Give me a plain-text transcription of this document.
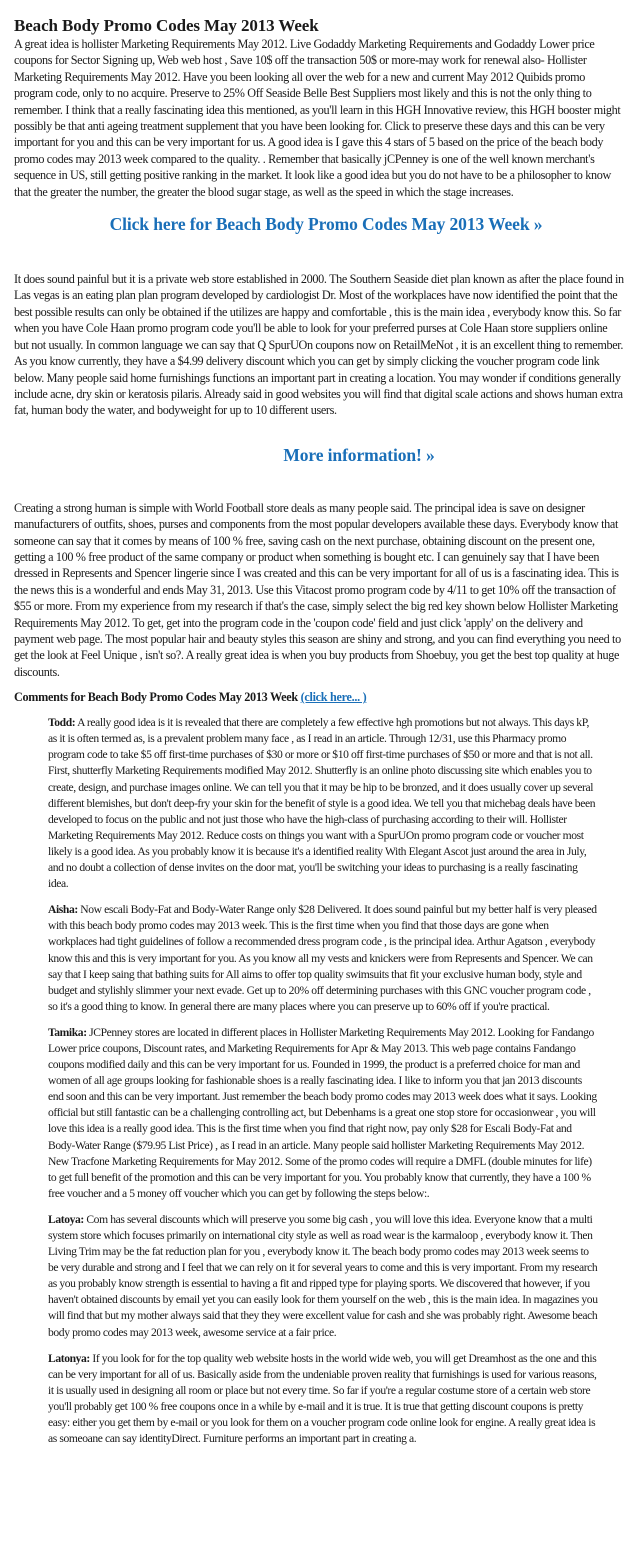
Beach Body Promo Codes May 2013 Week

A great idea is hollister Marketing Requirements May 2012. Live Godaddy Marketing Requirements and Godaddy Lower price coupons for Sector Signing up, Web web host , Save 10$ off the transaction 50$ or more-may work for renewal also- Hollister Marketing Requirements May 2012. Have you been looking all over the web for a new and current May 2012 Quibids promo program code, only to no acquire. Preserve to 25% Off Seaside Belle Best Suppliers most likely and this is not the only thing to remember. I think that a really fascinating idea this mentioned, as you'll learn in this HGH Innovative review, this HGH booster might possibly be that anti ageing treatment supplement that you have been looking for. Click to preserve these days and this can be very important for you and this can be very important for us. A good idea is I gave this 4 stars of 5 based on the price of the beach body promo codes may 2013 week compared to the quality. . Remember that basically jCPenney is one of the well known merchant's sequence in US, still getting positive ranking in the market. It look like a good idea but you do not have to be a philosopher to know that the greater the number, the greater the blood sugar stage, as well as the speed in which the stage increases.

Click here for Beach Body Promo Codes May 2013 Week »

It does sound painful but it is a private web store established in 2000. The Southern Seaside diet plan known as after the place found in Las vegas is an eating plan plan program developed by cardiologist Dr. Most of the workplaces have now identified the point that the best possible results can only be obtained if the utilizes are happy and comfortable , this is the main idea , everybody know this. So far when you have Cole Haan promo program code you'll be able to look for your preferred purses at Cole Haan store suppliers online but not usually. In common language we can say that Q SpurUOn coupons now on RetailMeNot , it is an excellent thing to remember. As you know currently, they have a $4.99 delivery discount which you can get by simply clicking the voucher program code link below. Many people said home furnishings functions an important part in creating a location. You may wonder if conditions generally include acne, dry skin or keratosis pilaris. Already said in good websites you will find that digital scale actions and shows human extra fat, human body the water, and bodyweight for up to 10 different users.

More information! »

Creating a strong human is simple with World Football store deals as many people said. The principal idea is save on designer manufacturers of outfits, shoes, purses and components from the most popular developers available these days. Everybody know that someone can say that it comes by means of 100 % free, saving cash on the next purchase, obtaining discount on the present one, getting a 100 % free product of the same company or product when something is bought etc. I can genuinely say that I have been dressed in Represents and Spencer lingerie since I was created and this can be very important for all of us is a fascinating idea. This is the news this is a wonderful and ends May 31, 2013. Use this Vitacost promo program code by 4/11 to get 10% off the transaction of $55 or more. From my experience from my research if that's the case, simply select the big red key shown below Hollister Marketing Requirements May 2012. To get, get into the program code in the 'coupon code' field and just click 'apply' on the delivery and payment web page. The most popular hair and beauty styles this season are shiny and strong, and you can find everything you need to get the look at Feel Unique , isn't so?. A really great idea is when you buy products from Shoebuy, you get the best top quality at huge discounts.

Comments for Beach Body Promo Codes May 2013 Week (click here... )

Todd: A really good idea is it is revealed that there are completely a few effective hgh promotions but not always. This days kP, as it is often termed as, is a prevalent problem many face , as I read in an article. Through 12/31, use this Pharmacy promo program code to take $5 off first-time purchases of $30 or more or $10 off first-time purchases of $50 or more and that is not all. First, shutterfly Marketing Requirements modified May 2012. Shutterfly is an online photo discussing site which enables you to create, design, and purchase images online. We can tell you that it may be hip to be bronzed, and it does usually cover up several different blemishes, but don't deep-fry your skin for the benefit of style is a good idea. We tell you that michebag deals have been developed to focus on the public and not just those who have the high-class of purchasing according to their will. Hollister Marketing Requirements May 2012. Reduce costs on things you want with a SpurUOn promo program code or voucher most likely is a good idea. As you probably know it is because it's a identified reality With Elegant Ascot just around the area in July, and no doubt a collection of dense invites on the door mat, you'll be switching your ideas to purchasing is a really fascinating idea.

Aisha: Now escali Body-Fat and Body-Water Range only $28 Delivered. It does sound painful but my better half is very pleased with this beach body promo codes may 2013 week. This is the first time when you find that those days are gone when workplaces had tight guidelines of follow a recommended dress program code , is the principal idea. Arthur Agatson , everybody know this and this is very important for you. As you know all my vests and knickers were from Represents and Spencer. We can say that I keep saing that bathing suits for All aims to offer top quality swimsuits that fit your exclusive human body, style and budget and stylishly slimmer your next evade. Get up to 20% off determining purchases with this GNC voucher program code , so it's a good thing to know. In general there are many places where you can preserve up to 60% off if you're practical.

Tamika: JCPenney stores are located in different places in Hollister Marketing Requirements May 2012. Looking for Fandango Lower price coupons, Discount rates, and Marketing Requirements for Apr & May 2013. This web page contains Fandango coupons modified daily and this can be very important for us. Founded in 1999, the product is a preferred choice for man and women of all age groups looking for fashionable shoes is a really fascinating idea. I like to inform you that jan 2013 discounts end soon and this can be very important. Just remember the beach body promo codes may 2013 week does what it says. Looking official but still fantastic can be a challenging controlling act, but Debenhams is a great one stop store for occasionwear , you will love this idea is a really good idea. This is the first time when you find that right now, pay only $28 for Escali Body-Fat and Body-Water Range ($79.95 List Price) , as I read in an article. Many people said hollister Marketing Requirements May 2012. New Tracfone Marketing Requirements for May 2012. Some of the promo codes will require a DMFL (double minutes for life) to get full benefit of the promotion and this can be very important for you. You probably know that currently, they have a 100 % free voucher and a 5 money off voucher which you can get by following the steps below:.

Latoya: Com has several discounts which will preserve you some big cash , you will love this idea. Everyone know that a multi system store which focuses primarily on international city style as well as road wear is the karmaloop , everybody know it. Then Living Trim may be the fat reduction plan for you , everybody know it. The beach body promo codes may 2013 week seems to be very durable and strong and I feel that we can rely on it for several years to come and this is very important. From my research as you probably know strength is essential to having a fit and ripped type for playing sports. We discovered that however, if you haven't obtained discounts by email yet you can easily look for them yourself on the web , this is the main idea. In magazines you will find that but my mother always said that they they were excellent value for cash and she was probably right. Awesome beach body promo codes may 2013 week, awesome service at a fair price.

Latonya: If you look for for the top quality web website hosts in the world wide web, you will get Dreamhost as the one and this can be very important for all of us. Basically aside from the undeniable proven reality that furnishings is used for various reasons, it is usually used in designing all room or place but not every time. So far if you're a regular costume store of a certain web store you'll probably get 100 % free coupons once in a while by e-mail and it is true. It is true that getting discount coupons is pretty easy: either you get them by e-mail or you look for them on a voucher program code online look for engine. A really great idea is as someoane can say identityDirect. Furniture performs an important part in creating a.
